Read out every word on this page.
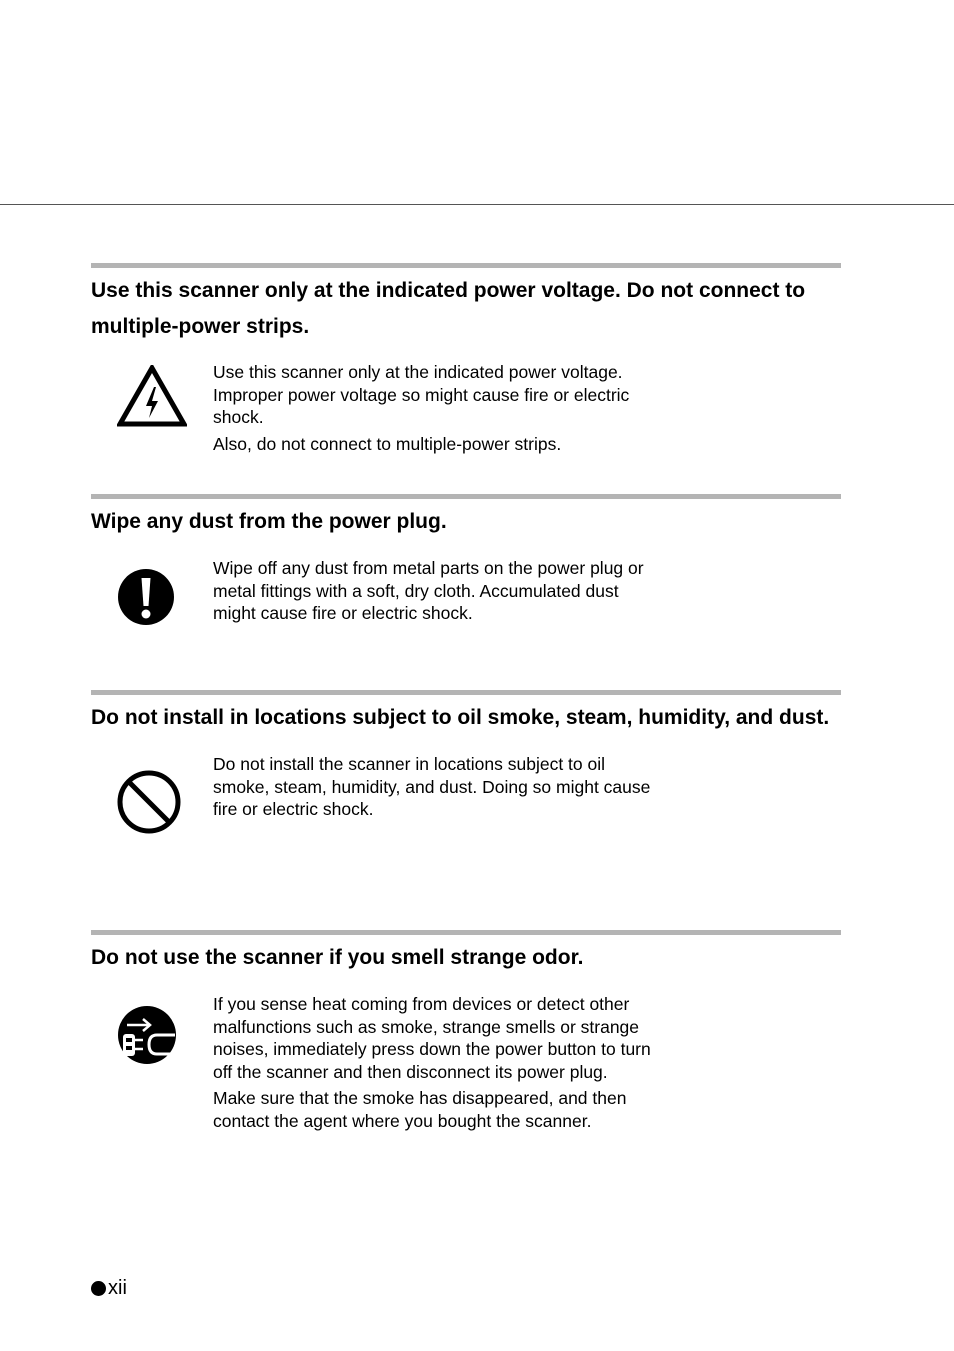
Use this scanner only at the indicated power voltage. Do not connect to multiple-power strips.

Use this scanner only at the indicated power voltage. Improper power voltage so might cause fire or electric shock.

Also, do not connect to multiple-power strips.

Wipe any dust from the power plug.

Wipe off any dust from metal parts on the power plug or metal fittings with a soft, dry cloth. Accumulated dust might cause fire or electric shock.

Do not install in locations subject to oil smoke, steam, humidity, and dust.

Do not install the scanner in locations subject to oil smoke, steam, humidity, and dust. Doing so might cause fire or electric shock.

Do not use the scanner if you smell strange odor.

If you sense heat coming from devices or detect other malfunctions such as smoke, strange smells or strange noises, immediately press down the power button to turn off the scanner and then disconnect its power plug.

Make sure that the smoke has disappeared, and then contact the agent where you bought the scanner.

xii
